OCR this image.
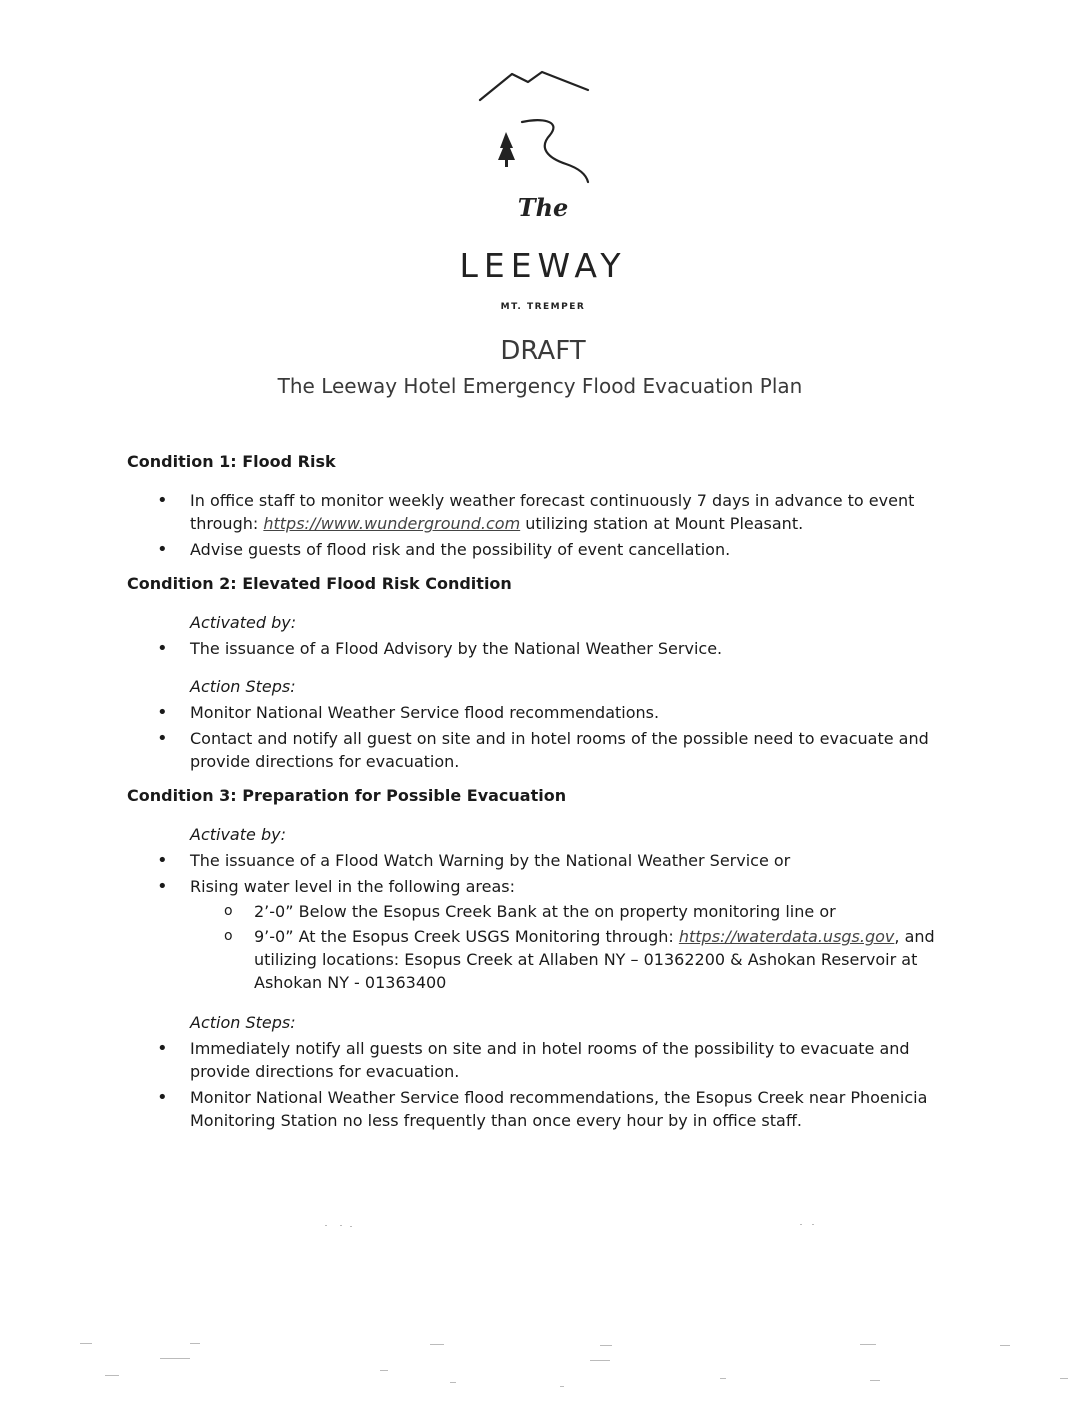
The
LEEWAY
MT. TREMPER
DRAFT
The Leeway Hotel Emergency Flood Evacuation Plan
Condition 1: Flood Risk
• In office staff to monitor weekly weather forecast continuously 7 days in advance to event through: https://www.wunderground.com utilizing station at Mount Pleasant.
• Advise guests of flood risk and the possibility of event cancellation.
Condition 2: Elevated Flood Risk Condition
Activated by:
• The issuance of a Flood Advisory by the National Weather Service.
Action Steps:
• Monitor National Weather Service flood recommendations.
• Contact and notify all guest on site and in hotel rooms of the possible need to evacuate and provide directions for evacuation.
Condition 3: Preparation for Possible Evacuation
Activate by:
• The issuance of a Flood Watch Warning by the National Weather Service or
• Rising water level in the following areas:
o 2’-0” Below the Esopus Creek Bank at the on property monitoring line or
o 9’-0” At the Esopus Creek USGS Monitoring through: https://waterdata.usgs.gov, and utilizing locations: Esopus Creek at Allaben NY – 01362200 & Ashokan Reservoir at Ashokan NY - 01363400
Action Steps:
• Immediately notify all guests on site and in hotel rooms of the possibility to evacuate and provide directions for evacuation.
• Monitor National Weather Service flood recommendations, the Esopus Creek near Phoenicia Monitoring Station no less frequently than once every hour by in office staff.
